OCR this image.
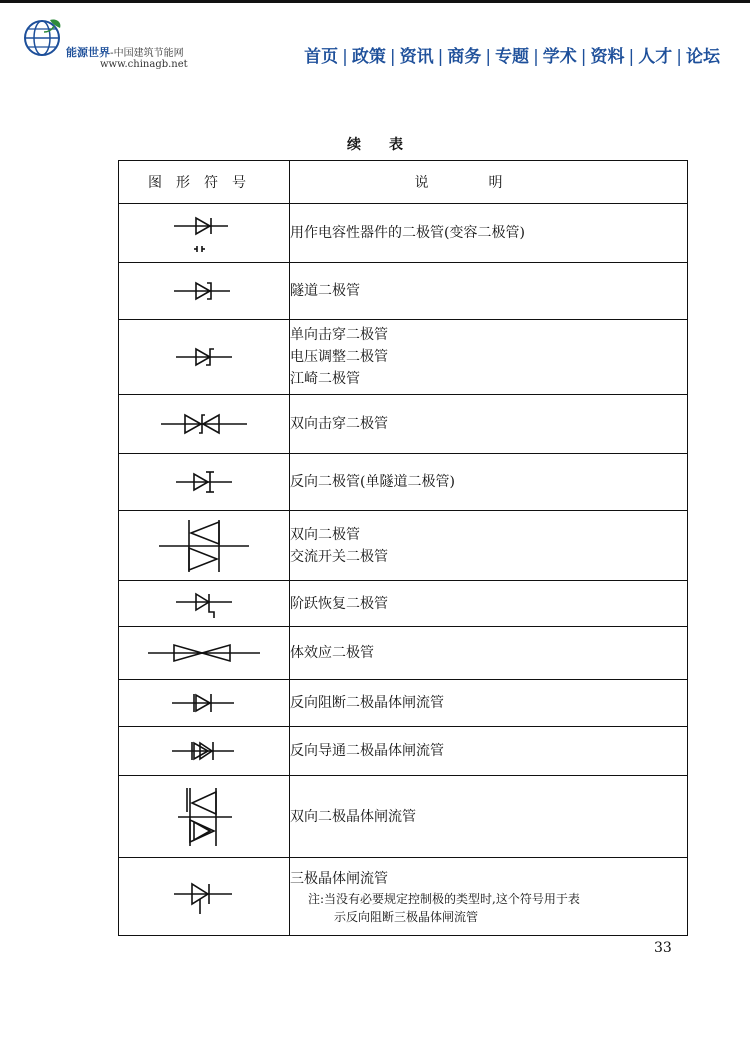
能源世界-中国建筑节能网
www.chinagb.net	首页 | 政策 | 资讯 | 商务 | 专题 | 学术 | 资料 | 人才 | 论坛
续表
图形符号	说明

用作电容性器件的二极管(变容二极管)

隧道二极管

单向击穿二极管
电压调整二极管
江崎二极管

双向击穿二极管

反向二极管(单隧道二极管)

双向二极管
交流开关二极管

阶跃恢复二极管

体效应二极管

反向阻断二极晶体闸流管

反向导通二极晶体闸流管

双向二极晶体闸流管

三极晶体闸流管
注:当没有必要规定控制极的类型时,这个符号用于表
示反向阻断三极晶体闸流管
33
